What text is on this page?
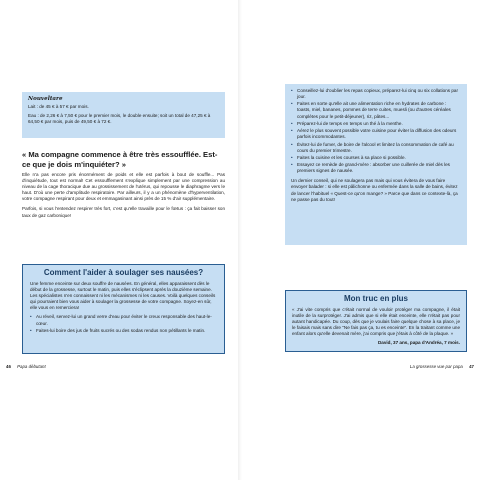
Nouveltare

Lait : de 45 € à 57 € par mois.

Eau : de 2,26 € à 7,50 € pour le premier mois, le double ensuite; soit un total de 47,25 € à 64,50 € par mois, puis de 49,50 € à 72 €.

« Ma compagne commence à être très essoufflée. Est-ce que je dois m'inquiéter? »

Elle n'a pas encore pris énormément de poids et elle est parfois à bout de souffle... Pas d'inquiétude, tout est normal! Cet essoufflement s'explique simplement par une compression au niveau de la cage thoracique due au grossissement de l'utérus, qui repousse le diaphragme vers le haut. D'où une perte d'amplitude respiratoire. Par ailleurs, il y a un phénomène d'hyperventilation, votre compagne respirant pour deux et emmagasinant ainsi près de 15 % d'air supplémentaire.

Parfois, si vous l'entendez respirer très fort, c'est qu'elle travaille pour le fœtus : ça fait baisser son taux de gaz carbonique!

Comment l'aider à soulager ses nausées?

Une femme enceinte sur deux souffre de nausées. En général, elles apparaissent dès le début de la grossesse, surtout le matin, puis elles s'éclipsent après la douzième semaine. Les spécialistes n'en connaissent ni les mécanismes ni les causes. Voilà quelques conseils qui pourraient bien vous aider à soulager la grossesse de votre compagne. Soyez-en sûr, elle vous en remerciera!

• Au réveil, servez-lui un grand verre d'eau pour éviter le creux responsable des haut-le-cœur.

• Faites-lui boire des jus de fruits sucrés ou des sodas rendus non pétillants le matin.

46 Papa débutant

• Conseillez-lui d'oublier les repas copieux, préparez-lui cinq ou six collations par jour.

• Faites en sorte qu'elle ait une alimentation riche en hydrates de carbone : toasts, miel, bananes, pommes de terre cuites, muesli (ou d'autres céréales complètes pour le petit-déjeuner), riz, pâtes...

• Préparez-lui de temps en temps un thé à la menthe.

• Aérez le plus souvent possible votre cuisine pour éviter la diffusion des odeurs parfois incommodantes.

• Évitez-lui de fumer, de boire de l'alcool et limitez la consommation de café au cours du premier trimestre.

• Faites la cuisine et les courses à sa place si possible.

• Essayez ce remède de grand-mère : absorber une cuillerée de miel dès les premiers signes de nausée.

Un dernier conseil, qui ne soulagera pas mais qui vous évitera de vous faire envoyer balader : si elle est pâlichonne ou enfermée dans la salle de bains, évitez de lancer l'habituel « Quest-ce qu'on mange? » Parce que dans ce contexte-là, ça ne passe pas du tout!

Mon truc en plus

« J'ai vite compris que c'était normal de vouloir protéger ma compagne, il était inutile de la surprotéger. J'ai admis que si elle était enceinte, elle n'était pas pour autant handicapée. Du coup, dès que je voulais faire quelque chose à sa place, je le faisais mais sans dire "Ne fais pas ça, tu es enceinte". En la traitant comme une enfant alors qu'elle devenait mère, j'ai compris que j'étais à côté de la plaque. »

David, 37 ans, papa d'Andréa, 7 mois.

La grossesse vue par papa 47
